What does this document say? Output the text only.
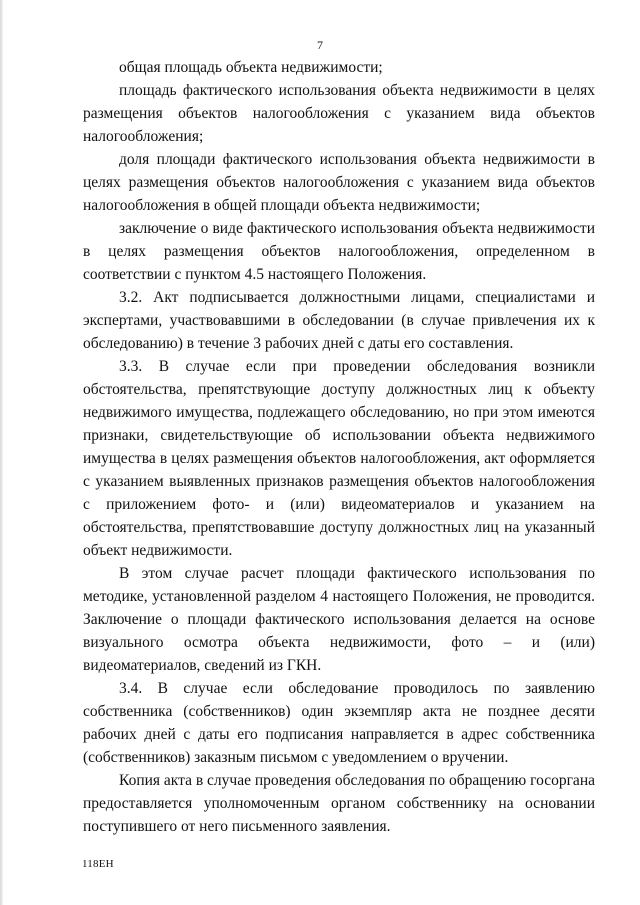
7

общая площадь объекта недвижимости;

площадь фактического использования объекта недвижимости в целях размещения объектов налогообложения с указанием вида объектов налогообложения;

доля площади фактического использования объекта недвижимости в целях размещения объектов налогообложения с указанием вида объектов налогообложения в общей площади объекта недвижимости;

заключение о виде фактического использования объекта недвижимости в целях размещения объектов налогообложения, определенном в соответствии с пунктом 4.5 настоящего Положения.

3.2. Акт подписывается должностными лицами, специалистами и экспертами, участвовавшими в обследовании (в случае привлечения их к обследованию) в течение 3 рабочих дней с даты его составления.

3.3. В случае если при проведении обследования возникли обстоятельства, препятствующие доступу должностных лиц к объекту недвижимого имущества, подлежащего обследованию, но при этом имеются признаки, свидетельствующие об использовании объекта недвижимого имущества в целях размещения объектов налогообложения, акт оформляется с указанием выявленных признаков размещения объектов налогообложения с приложением фото- и (или) видеоматериалов и указанием на обстоятельства, препятствовавшие доступу должностных лиц на указанный объект недвижимости.

В этом случае расчет площади фактического использования по методике, установленной разделом 4 настоящего Положения, не проводится. Заключение о площади фактического использования делается на основе визуального осмотра объекта недвижимости, фото – и (или) видеоматериалов, сведений из ГКН.

3.4. В случае если обследование проводилось по заявлению собственника (собственников) один экземпляр акта не позднее десяти рабочих дней с даты его подписания направляется в адрес собственника (собственников) заказным письмом с уведомлением о вручении.

Копия акта в случае проведения обследования по обращению госоргана предоставляется уполномоченным органом собственнику на основании поступившего от него письменного заявления.

118ЕН
